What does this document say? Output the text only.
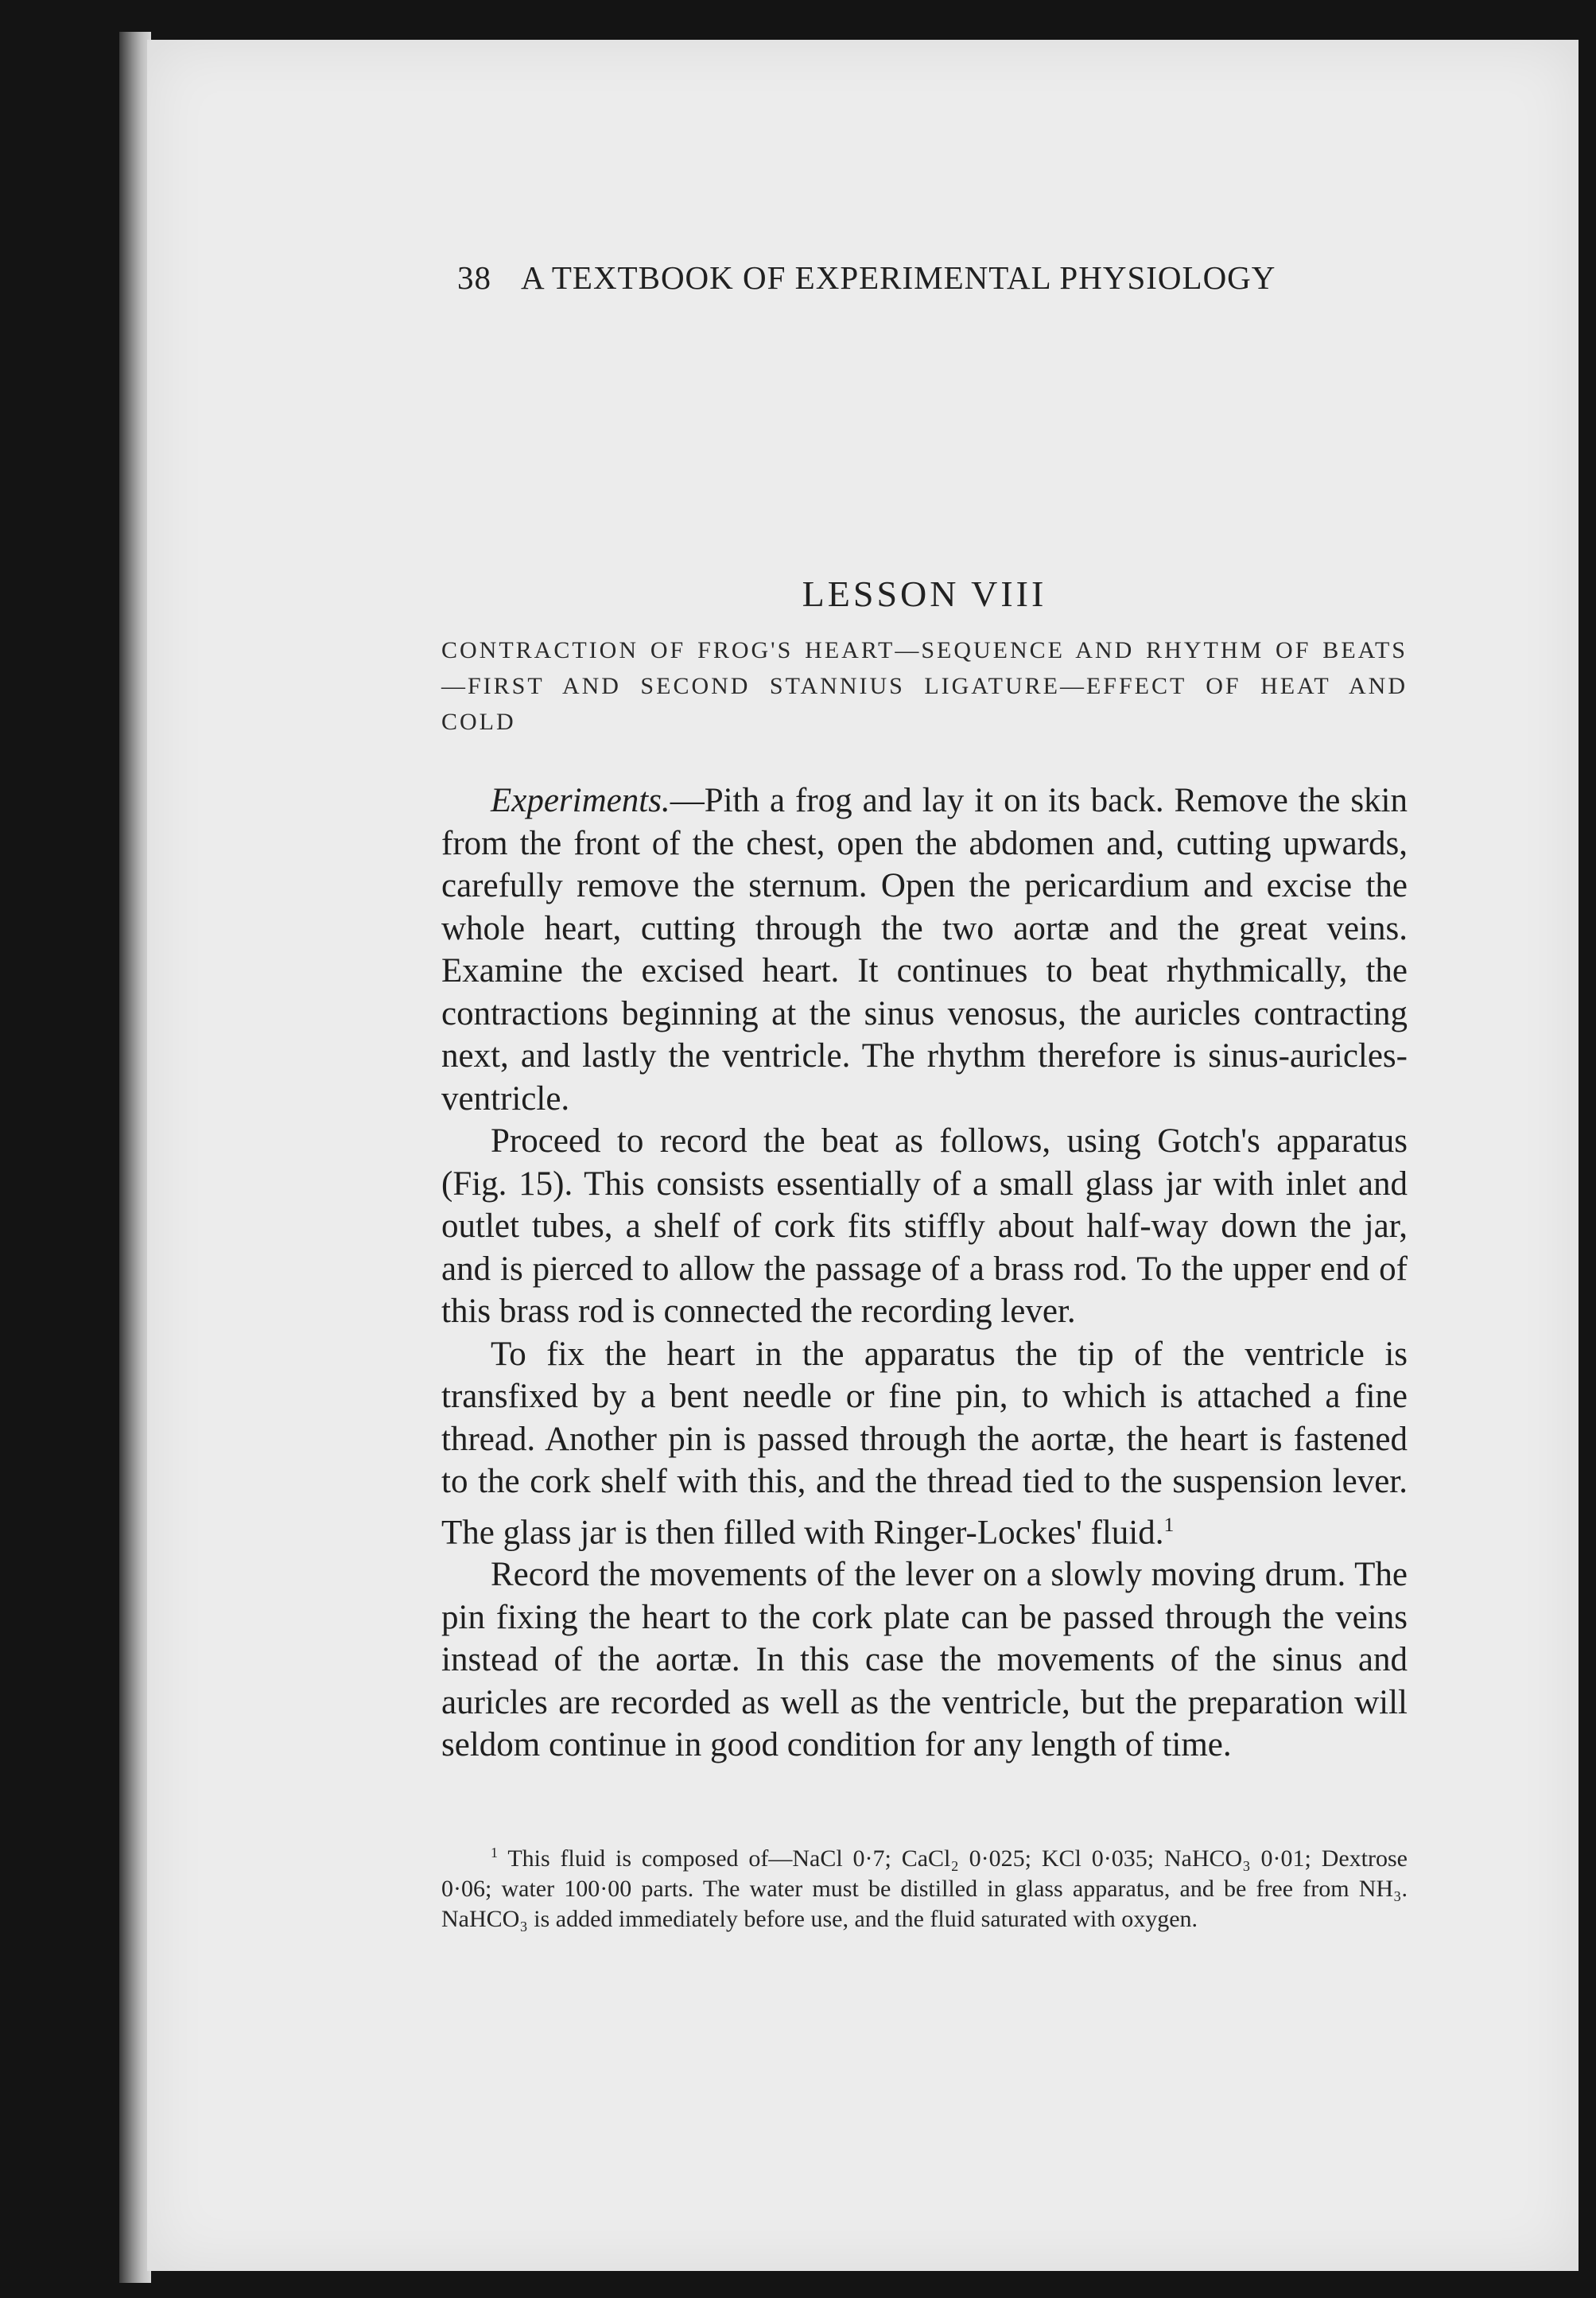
38 A TEXTBOOK OF EXPERIMENTAL PHYSIOLOGY
LESSON VIII
CONTRACTION OF FROG'S HEART—SEQUENCE AND RHYTHM OF BEATS—FIRST AND SECOND STANNIUS LIGATURE—EFFECT OF HEAT AND COLD

Experiments.—Pith a frog and lay it on its back. Remove the skin from the front of the chest, open the abdomen and, cutting upwards, carefully remove the sternum. Open the pericardium and excise the whole heart, cutting through the two aortæ and the great veins. Examine the excised heart. It continues to beat rhythmically, the contractions beginning at the sinus venosus, the auricles contracting next, and lastly the ventricle. The rhythm therefore is sinus-auricles-ventricle.

Proceed to record the beat as follows, using Gotch's apparatus (Fig. 15). This consists essentially of a small glass jar with inlet and outlet tubes, a shelf of cork fits stiffly about half-way down the jar, and is pierced to allow the passage of a brass rod. To the upper end of this brass rod is connected the recording lever.

To fix the heart in the apparatus the tip of the ventricle is transfixed by a bent needle or fine pin, to which is attached a fine thread. Another pin is passed through the aortæ, the heart is fastened to the cork shelf with this, and the thread tied to the suspension lever. The glass jar is then filled with Ringer-Lockes' fluid.$^1$

Record the movements of the lever on a slowly moving drum. The pin fixing the heart to the cork plate can be passed through the veins instead of the aortæ. In this case the movements of the sinus and auricles are recorded as well as the ventricle, but the preparation will seldom continue in good condition for any length of time.

$^1$ This fluid is composed of—NaCl 0·7; CaCl₂ 0·025; KCl 0·035; NaHCO₃ 0·01; Dextrose 0·06; water 100·00 parts. The water must be distilled in glass apparatus, and be free from NH₃. NaHCO₃ is added immediately before use, and the fluid saturated with oxygen.
